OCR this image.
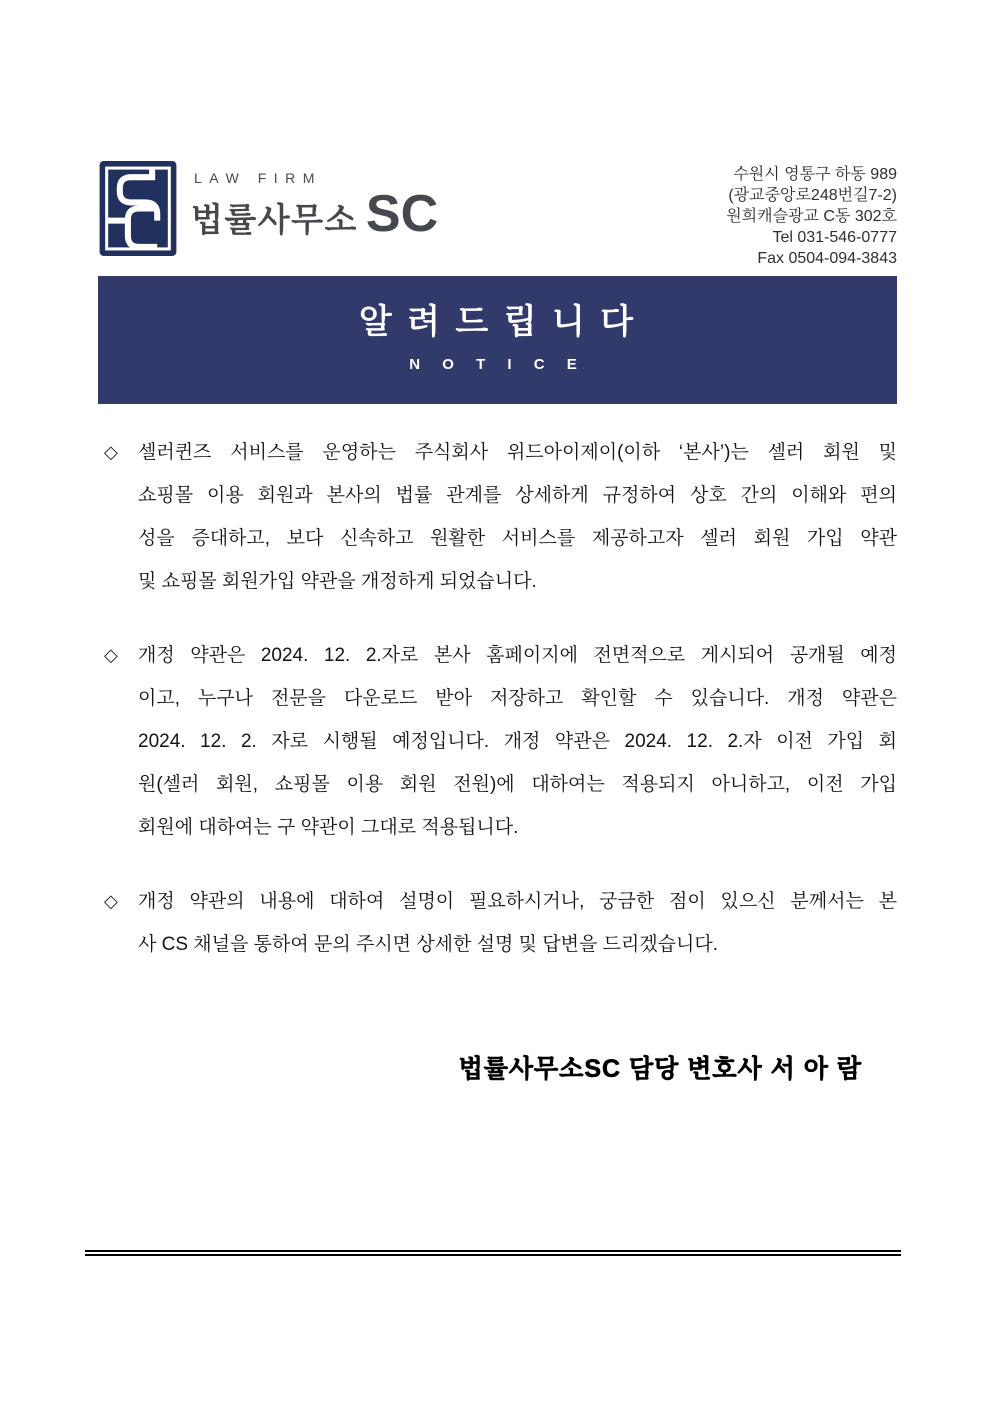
LAW FIRM
법률사무소 SC
수원시 영통구 하동 989
(광교중앙로248번길7-2)
원희캐슬광교 C동 302호
Tel 031-546-0777
Fax 0504-094-3843
알 려 드 립 니 다
N O T I C E
◇ 셀러퀸즈 서비스를 운영하는 주식회사 위드아이제이(이하 ‘본사’)는 셀러 회원 및
쇼핑몰 이용 회원과 본사의 법률 관계를 상세하게 규정하여 상호 간의 이해와 편의
성을 증대하고, 보다 신속하고 원활한 서비스를 제공하고자 셀러 회원 가입 약관
및 쇼핑몰 회원가입 약관을 개정하게 되었습니다.
◇ 개정 약관은 2024. 12. 2.자로 본사 홈페이지에 전면적으로 게시되어 공개될 예정
이고, 누구나 전문을 다운로드 받아 저장하고 확인할 수 있습니다. 개정 약관은
2024. 12. 2. 자로 시행될 예정입니다. 개정 약관은 2024. 12. 2.자 이전 가입 회
원(셀러 회원, 쇼핑몰 이용 회원 전원)에 대하여는 적용되지 아니하고, 이전 가입
회원에 대하여는 구 약관이 그대로 적용됩니다.
◇ 개정 약관의 내용에 대하여 설명이 필요하시거나, 궁금한 점이 있으신 분께서는 본
사 CS 채널을 통하여 문의 주시면 상세한 설명 및 답변을 드리겠습니다.
법률사무소SC 담당 변호사 서 아 람
